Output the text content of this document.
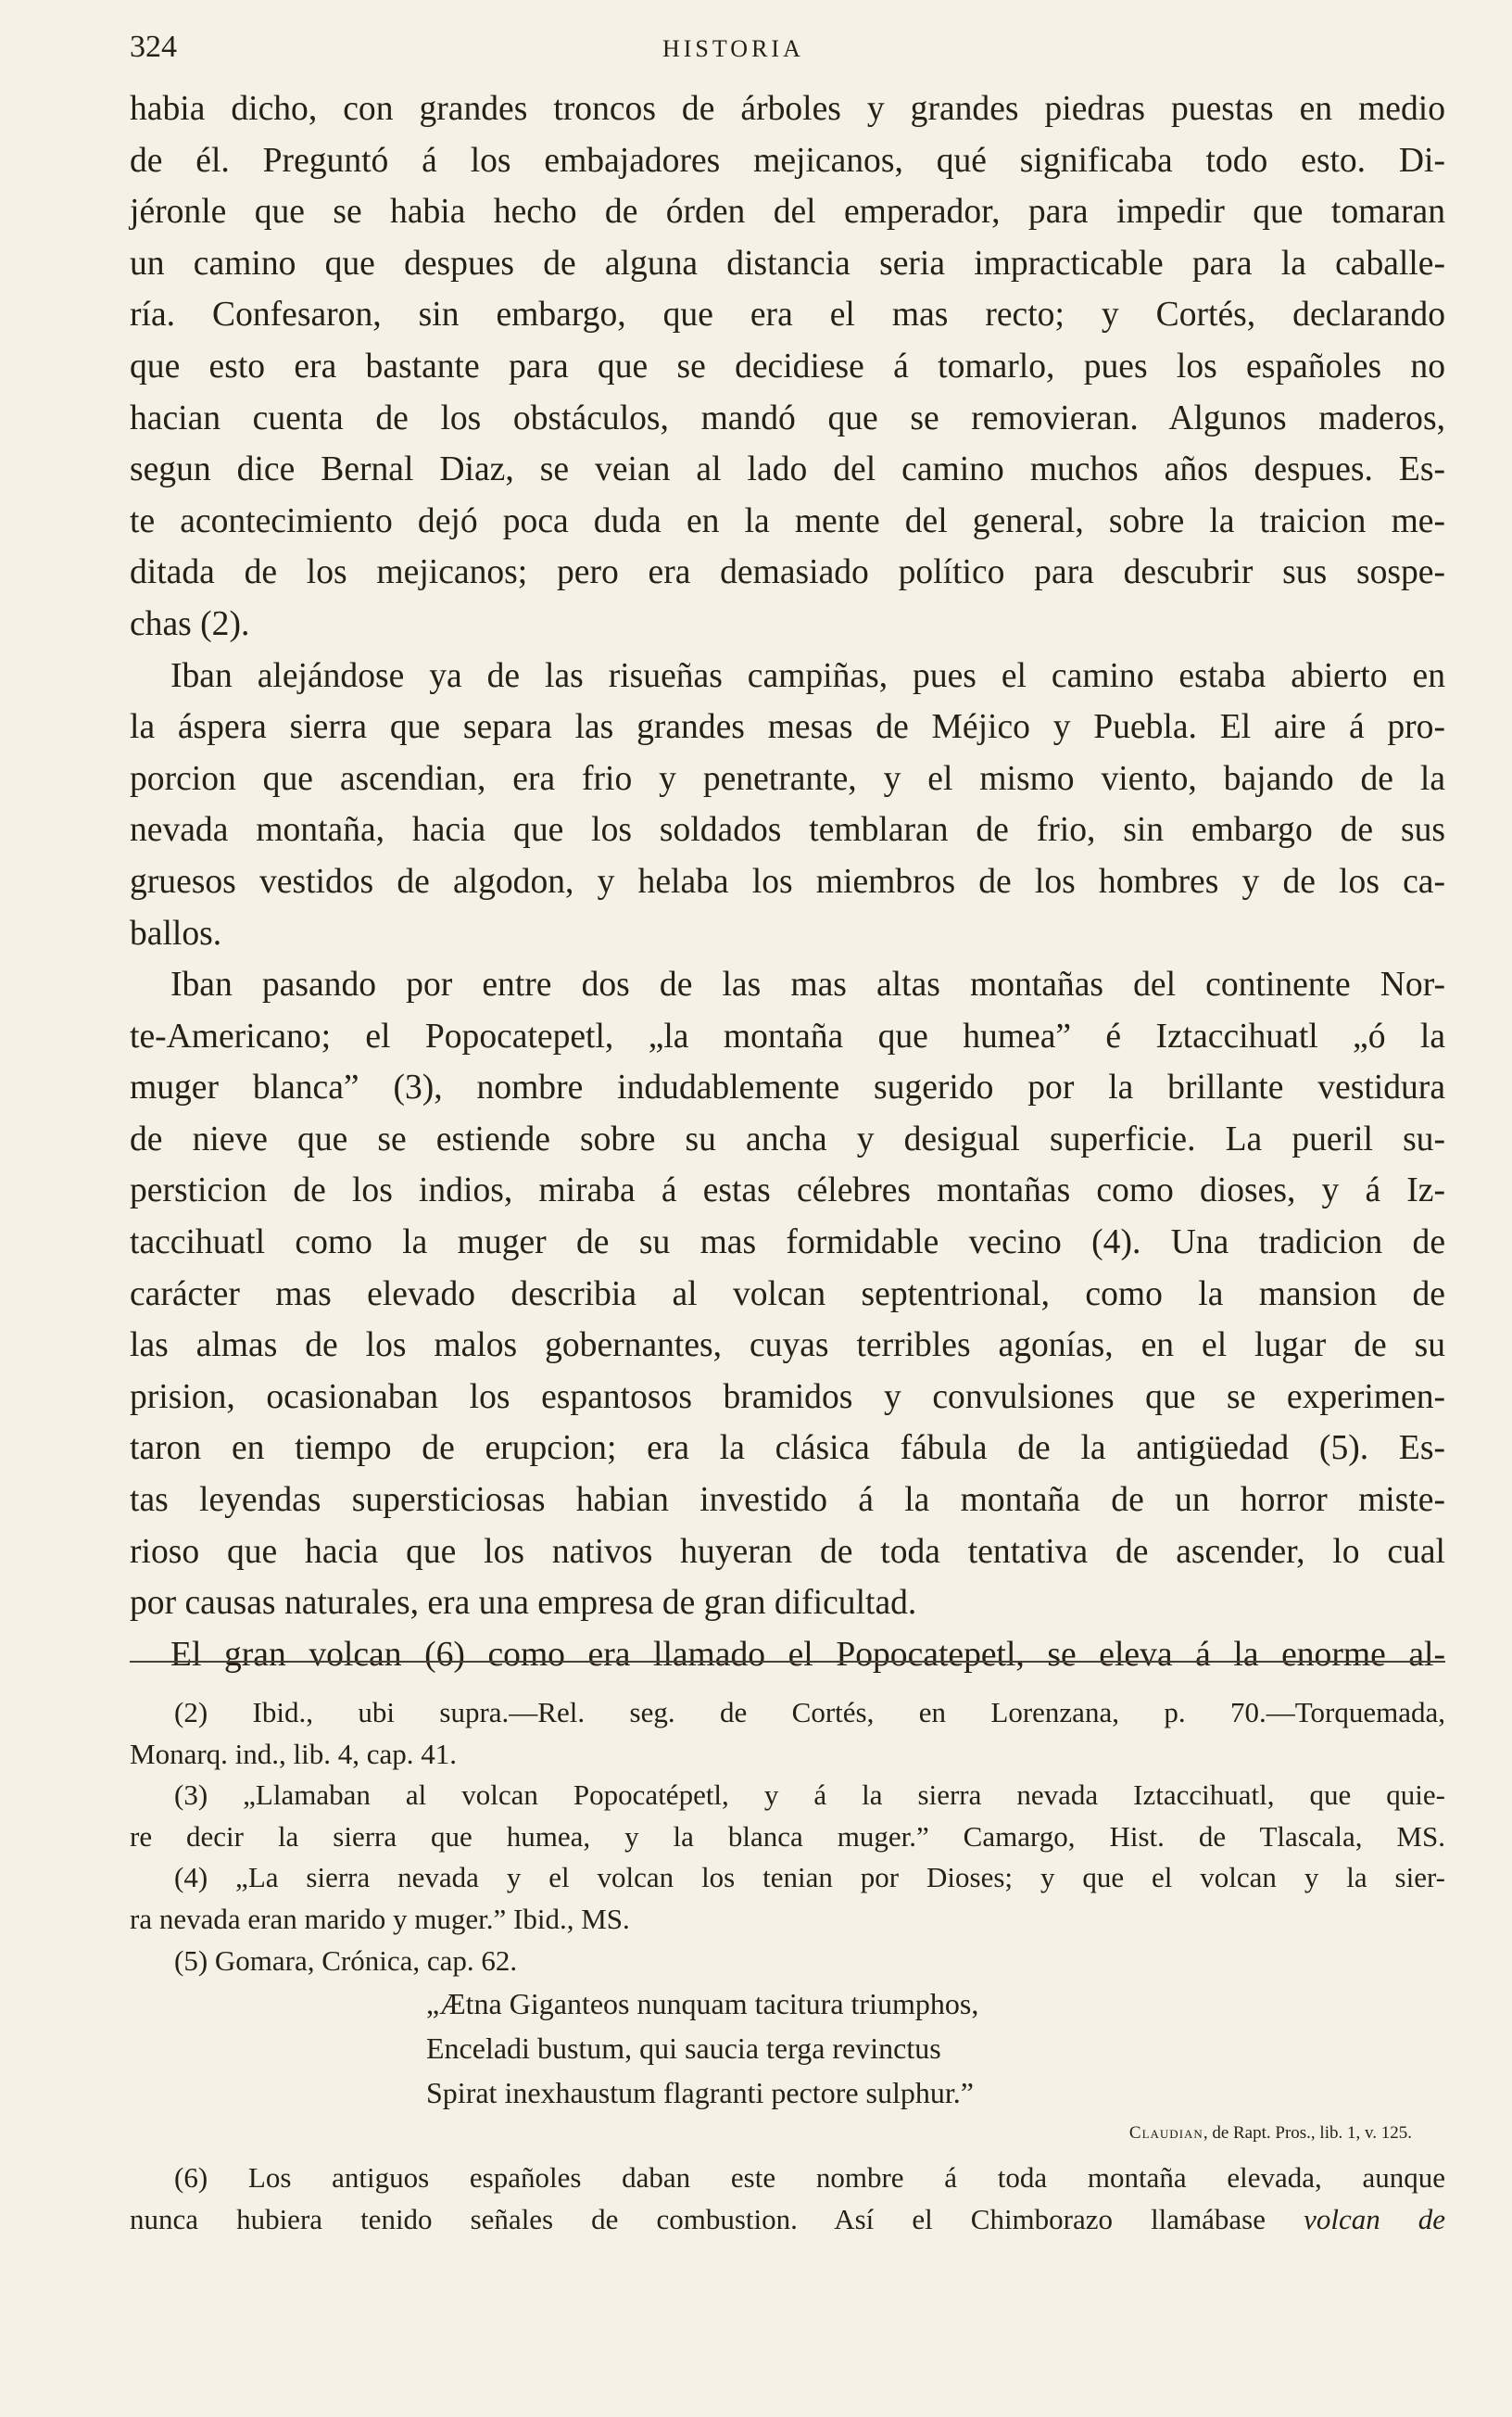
324	HISTORIA
habia dicho, con grandes troncos de árboles y grandes piedras puestas en medio
de él. Preguntó á los embajadores mejicanos, qué significaba todo esto. Di-
jéronle que se habia hecho de órden del emperador, para impedir que tomaran
un camino que despues de alguna distancia seria impracticable para la caballe-
ría. Confesaron, sin embargo, que era el mas recto; y Cortés, declarando
que esto era bastante para que se decidiese á tomarlo, pues los españoles no
hacian cuenta de los obstáculos, mandó que se removieran. Algunos maderos,
segun dice Bernal Diaz, se veian al lado del camino muchos años despues. Es-
te acontecimiento dejó poca duda en la mente del general, sobre la traicion me-
ditada de los mejicanos; pero era demasiado político para descubrir sus sospe-
chas (2).
Iban alejándose ya de las risueñas campiñas, pues el camino estaba abierto en
la áspera sierra que separa las grandes mesas de Méjico y Puebla. El aire á pro-
porcion que ascendian, era frio y penetrante, y el mismo viento, bajando de la
nevada montaña, hacia que los soldados temblaran de frio, sin embargo de sus
gruesos vestidos de algodon, y helaba los miembros de los hombres y de los ca-
ballos.
Iban pasando por entre dos de las mas altas montañas del continente Nor-
te-Americano; el Popocatepetl, „la montaña que humea” é Iztaccihuatl „ó la
muger blanca” (3), nombre indudablemente sugerido por la brillante vestidura
de nieve que se estiende sobre su ancha y desigual superficie. La pueril su-
persticion de los indios, miraba á estas célebres montañas como dioses, y á Iz-
taccihuatl como la muger de su mas formidable vecino (4). Una tradicion de
carácter mas elevado describia al volcan septentrional, como la mansion de
las almas de los malos gobernantes, cuyas terribles agonías, en el lugar de su
prision, ocasionaban los espantosos bramidos y convulsiones que se experimen-
taron en tiempo de erupcion; era la clásica fábula de la antigüedad (5). Es-
tas leyendas supersticiosas habian investido á la montaña de un horror miste-
rioso que hacia que los nativos huyeran de toda tentativa de ascender, lo cual
por causas naturales, era una empresa de gran dificultad.
El gran volcan (6) como era llamado el Popocatepetl, se eleva á la enorme al-
(2) Ibid., ubi supra.—Rel. seg. de Cortés, en Lorenzana, p. 70.—Torquemada,
Monarq. ind., lib. 4, cap. 41.
(3) „Llamaban al volcan Popocatépetl, y á la sierra nevada Iztaccihuatl, que quie-
re decir la sierra que humea, y la blanca muger.” Camargo, Hist. de Tlascala, MS.
(4) „La sierra nevada y el volcan los tenian por Dioses; y que el volcan y la sier-
ra nevada eran marido y muger.” Ibid., MS.
(5) Gomara, Crónica, cap. 62.
„Ætna Giganteos nunquam tacitura triumphos,
Enceladi bustum, qui saucia terga revinctus
Spirat inexhaustum flagranti pectore sulphur.”
Claudian, de Rapt. Pros., lib. 1, v. 125.
(6) Los antiguos españoles daban este nombre á toda montaña elevada, aunque
nunca hubiera tenido señales de combustion. Así el Chimborazo llamábase volcan de
